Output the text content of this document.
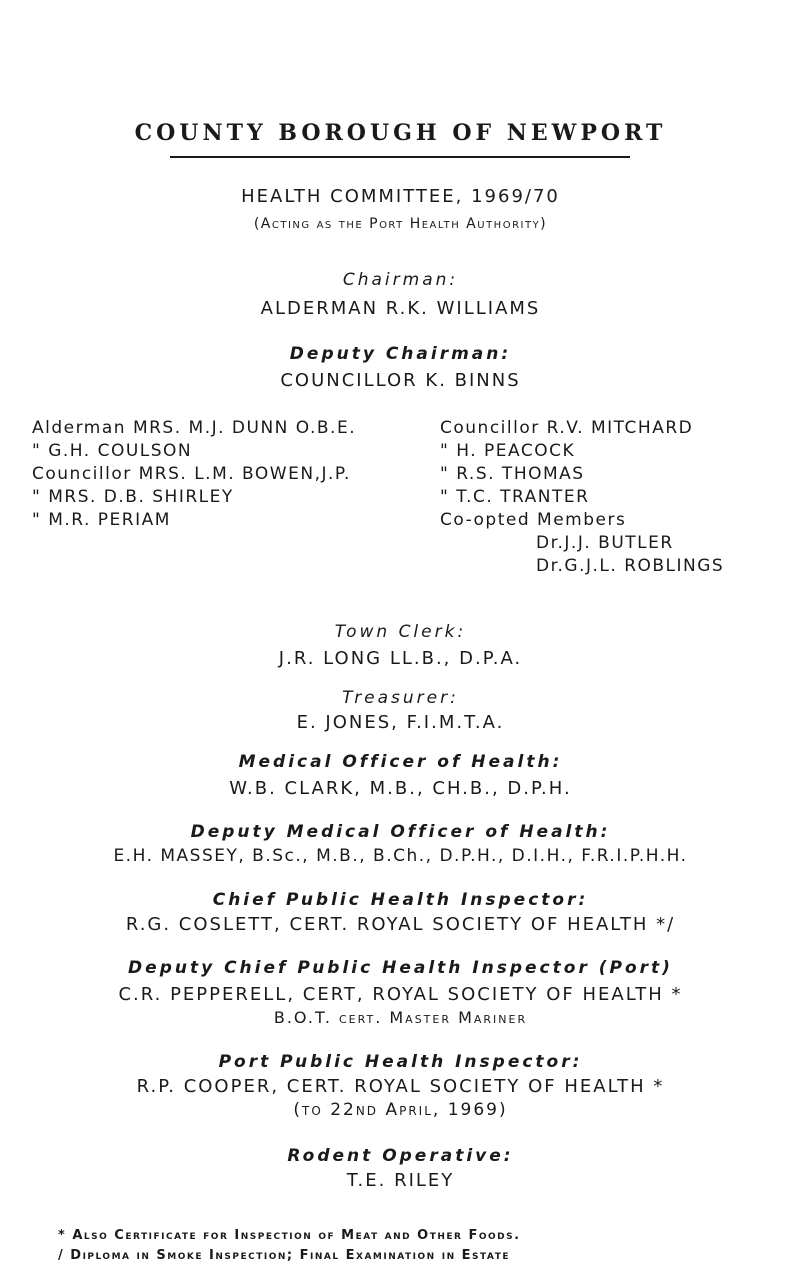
COUNTY BOROUGH OF NEWPORT
HEALTH COMMITTEE, 1969/70
(Acting as the Port Health Authority)
Chairman:
ALDERMAN R.K. WILLIAMS
Deputy Chairman:
COUNCILLOR K. BINNS
Alderman MRS. M.J. DUNN O.B.E.
" G.H. COULSON
Councillor MRS. L.M. BOWEN,J.P.
" MRS. D.B. SHIRLEY
" M.R. PERIAM
Councillor R.V. MITCHARD
" H. PEACOCK
" R.S. THOMAS
" T.C. TRANTER
Co-opted Members
Dr.J.J. BUTLER
Dr.G.J.L. ROBLINGS
Town Clerk:
J.R. LONG LL.B., D.P.A.
Treasurer:
E. JONES, F.I.M.T.A.
Medical Officer of Health:
W.B. CLARK, M.B., CH.B., D.P.H.
Deputy Medical Officer of Health:
E.H. MASSEY, B.Sc., M.B., B.Ch., D.P.H., D.I.H., F.R.I.P.H.H.
Chief Public Health Inspector:
R.G. COSLETT, CERT. ROYAL SOCIETY OF HEALTH */
Deputy Chief Public Health Inspector (Port)
C.R. PEPPERELL, CERT, ROYAL SOCIETY OF HEALTH *
B.O.T. cert. Master Mariner
Port Public Health Inspector:
R.P. COOPER, CERT. ROYAL SOCIETY OF HEALTH *
(to 22nd April, 1969)
Rodent Operative:
T.E. RILEY
* Also Certificate for Inspection of Meat and Other Foods.
/ Diploma in Smoke Inspection; Final Examination in Estate
